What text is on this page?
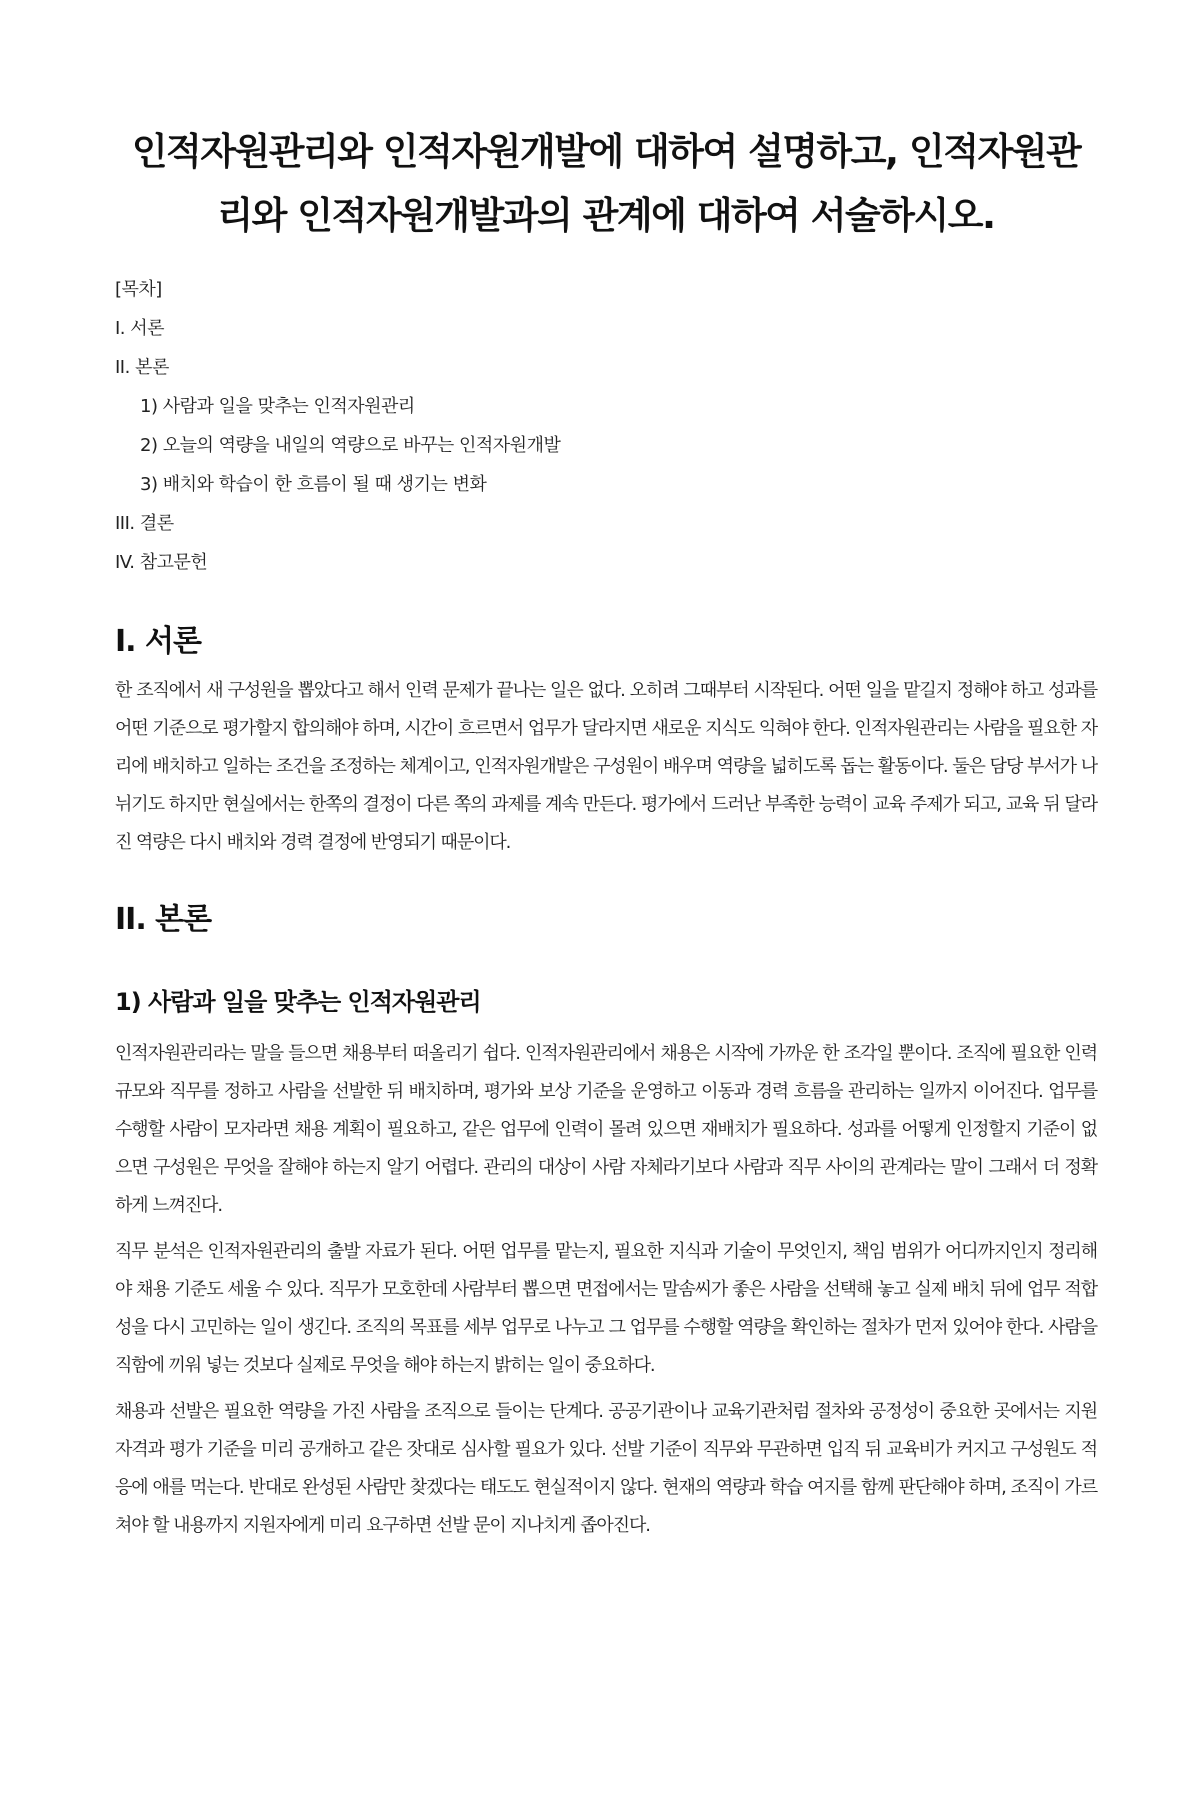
인적자원관리와 인적자원개발에 대하여 설명하고, 인적자원관리와 인적자원개발과의 관계에 대하여 서술하시오.
[목차]
I. 서론
II. 본론
1) 사람과 일을 맞추는 인적자원관리
2) 오늘의 역량을 내일의 역량으로 바꾸는 인적자원개발
3) 배치와 학습이 한 흐름이 될 때 생기는 변화
III. 결론
IV. 참고문헌
I. 서론

한 조직에서 새 구성원을 뽑았다고 해서 인력 문제가 끝나는 일은 없다. 오히려 그때부터 시작된다. 어떤 일을 맡길지 정해야 하고 성과를 어떤 기준으로 평가할지 합의해야 하며, 시간이 흐르면서 업무가 달라지면 새로운 지식도 익혀야 한다. 인적자원관리는 사람을 필요한 자리에 배치하고 일하는 조건을 조정하는 체계이고, 인적자원개발은 구성원이 배우며 역량을 넓히도록 돕는 활동이다. 둘은 담당 부서가 나뉘기도 하지만 현실에서는 한쪽의 결정이 다른 쪽의 과제를 계속 만든다. 평가에서 드러난 부족한 능력이 교육 주제가 되고, 교육 뒤 달라진 역량은 다시 배치와 경력 결정에 반영되기 때문이다.

II. 본론
1) 사람과 일을 맞추는 인적자원관리

인적자원관리라는 말을 들으면 채용부터 떠올리기 쉽다. 인적자원관리에서 채용은 시작에 가까운 한 조각일 뿐이다. 조직에 필요한 인력 규모와 직무를 정하고 사람을 선발한 뒤 배치하며, 평가와 보상 기준을 운영하고 이동과 경력 흐름을 관리하는 일까지 이어진다. 업무를 수행할 사람이 모자라면 채용 계획이 필요하고, 같은 업무에 인력이 몰려 있으면 재배치가 필요하다. 성과를 어떻게 인정할지 기준이 없으면 구성원은 무엇을 잘해야 하는지 알기 어렵다. 관리의 대상이 사람 자체라기보다 사람과 직무 사이의 관계라는 말이 그래서 더 정확하게 느껴진다.

직무 분석은 인적자원관리의 출발 자료가 된다. 어떤 업무를 맡는지, 필요한 지식과 기술이 무엇인지, 책임 범위가 어디까지인지 정리해야 채용 기준도 세울 수 있다. 직무가 모호한데 사람부터 뽑으면 면접에서는 말솜씨가 좋은 사람을 선택해 놓고 실제 배치 뒤에 업무 적합성을 다시 고민하는 일이 생긴다. 조직의 목표를 세부 업무로 나누고 그 업무를 수행할 역량을 확인하는 절차가 먼저 있어야 한다. 사람을 직함에 끼워 넣는 것보다 실제로 무엇을 해야 하는지 밝히는 일이 중요하다.

채용과 선발은 필요한 역량을 가진 사람을 조직으로 들이는 단계다. 공공기관이나 교육기관처럼 절차와 공정성이 중요한 곳에서는 지원 자격과 평가 기준을 미리 공개하고 같은 잣대로 심사할 필요가 있다. 선발 기준이 직무와 무관하면 입직 뒤 교육비가 커지고 구성원도 적응에 애를 먹는다. 반대로 완성된 사람만 찾겠다는 태도도 현실적이지 않다. 현재의 역량과 학습 여지를 함께 판단해야 하며, 조직이 가르쳐야 할 내용까지 지원자에게 미리 요구하면 선발 문이 지나치게 좁아진다.
